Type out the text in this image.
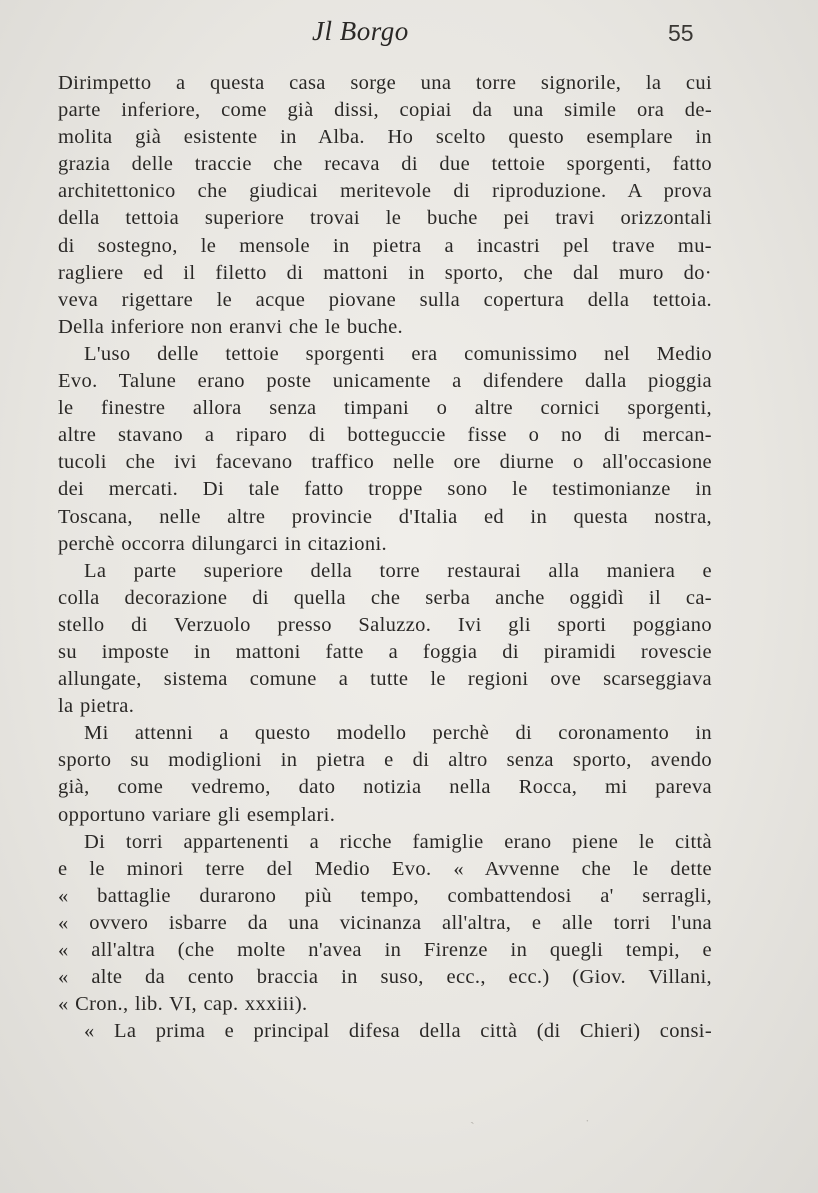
Jl Borgo	55
Dirimpetto a questa casa sorge una torre signorile, la cui
parte inferiore, come già dissi, copiai da una simile ora de-
molita già esistente in Alba. Ho scelto questo esemplare in
grazia delle traccie che recava di due tettoie sporgenti, fatto
architettonico che giudicai meritevole di riproduzione. A prova
della tettoia superiore trovai le buche pei travi orizzontali
di sostegno, le mensole in pietra a incastri pel trave mu-
ragliere ed il filetto di mattoni in sporto, che dal muro do·
veva rigettare le acque piovane sulla copertura della tettoia.
Della inferiore non eranvi che le buche.
L'uso delle tettoie sporgenti era comunissimo nel Medio
Evo. Talune erano poste unicamente a difendere dalla pioggia
le finestre allora senza timpani o altre cornici sporgenti,
altre stavano a riparo di botteguccie fisse o no di mercan-
tucoli che ivi facevano traffico nelle ore diurne o all'occasione
dei mercati. Di tale fatto troppe sono le testimonianze in
Toscana, nelle altre provincie d'Italia ed in questa nostra,
perchè occorra dilungarci in citazioni.
La parte superiore della torre restaurai alla maniera e
colla decorazione di quella che serba anche oggidì il ca-
stello di Verzuolo presso Saluzzo. Ivi gli sporti poggiano
su imposte in mattoni fatte a foggia di piramidi rovescie
allungate, sistema comune a tutte le regioni ove scarseggiava
la pietra.
Mi attenni a questo modello perchè di coronamento in
sporto su modiglioni in pietra e di altro senza sporto, avendo
già, come vedremo, dato notizia nella Rocca, mi pareva
opportuno variare gli esemplari.
Di torri appartenenti a ricche famiglie erano piene le città
e le minori terre del Medio Evo. « Avvenne che le dette
« battaglie durarono più tempo, combattendosi a' serragli,
« ovvero isbarre da una vicinanza all'altra, e alle torri l'una
« all'altra (che molte n'avea in Firenze in quegli tempi, e
« alte da cento braccia in suso, ecc., ecc.) (Giov. Villani,
« Cron., lib. VI, cap. xxxiii).
« La prima e principal difesa della città (di Chieri) consi-
ˎ
˙
